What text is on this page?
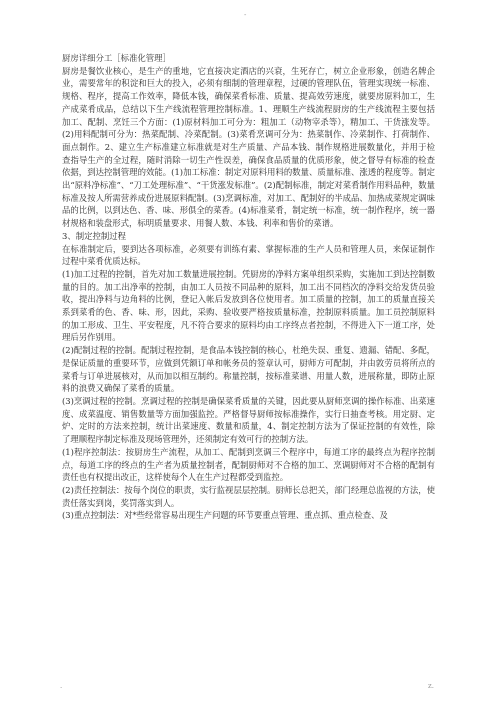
-

厨房详细分工［标准化管理］

厨房是餐饮业核心，是生产的重地，它直接决定酒店的兴衰，生死存亡，树立企业形象，创造名牌企业，需要常年的积淀和巨大的投入，必须有细制的管理章程，过硬的管理队伍，管理实现统一标准、规格、程序，提高工作效率，降低本钱，确保菜肴标准、质量、提高效劳速度，就要房原料加工，生产成菜肴成品，总结以下生产线流程管理控制标准。1、理顺生产线流程厨房的生产线流程主要包括加工、配制、烹饪三个方面：(1)原材料加工可分为：粗加工（动物宰杀等），精加工、干货涨发等。(2)用料配制可分为：热菜配制、冷菜配制。(3)菜肴烹调可分为：热菜制作、冷菜制作、打荷制作、面点制作。2、建立生产标准建立标准就是对生产质量、产品本钱、制作规格进展数量化，并用于检查指导生产的全过程，随时消除一切生产性误差，确保食品质量的优质形象，使之督导有标准的检查依据，到达控制管理的效能。(1)加工标准：制定对原料用料的数量、质量标准、涨透的程度等。制定出“原料净标准”、“刀工处理标准”、“干货涨发标准”。(2)配制标准，制定对菜肴制作用料品种，数量标准及按人所需营养成份进展原料配制。(3)烹调标准，对加工、配制好的半成品、加热成菜规定调味品的比例，以到达色、香、味、形俱全的菜香。(4)标准菜肴，制定统一标准，统一制作程序，统一器材规格和装盘形式，标明质量要求、用餐人数、本钱、利率和售价的菜谱。

3、制定控制过程

在标准制定后，要到达各项标准，必须要有训练有素、掌握标准的生产人员和管理人员，来保证制作过程中菜肴优质达标。

(1)加工过程的控制，首先对加工数量进展控制。凭厨房的净料方案单组织采购，实施加工到达控制数量的目的。加工出净率的控制，由加工人员按不同品种的原料，加工出不同档次的净料交给发货员验收，提出净料与边角料的比例，登记入帐后发放到各位使用者。加工质量的控制，加工的质量直接关系到菜肴的色、香、味、形，因此，采购、验收要严格按质量标准，控制原料质量。加工员控制原料的加工形成、卫生、平安程度，凡不符合要求的原料均由工序终点者控制，不得进入下一道工序，处理后另作别用。

(2)配制过程的控制。配制过程控制，是食品本钱控制的核心，杜绝失误、重复、遗漏、错配、多配，是保证质量的重要环节，应做到凭额订单和帐务员的签章认可，厨师方可配制，并由敦劳员将所点的菜肴与订单进展核对，从而加以相互制约。称量控制，按标准菜谱、用量人数，进展称量，即防止原料的浪费又确保了菜肴的质量。

(3)烹调过程的控制。烹调过程的控制是确保菜肴质量的关键，因此要从厨师烹调的操作标准、出菜速度、成菜温度、销售数量等方面加强监控。严格督导厨师按标准操作，实行日抽查考核。用定厨、定炉、定时的方法来控制，统计出菜速度、数量和质量，4、制定控制方法为了保证控制的有效性，除了理顺程序制定标准及现场管理外，还须制定有效可行的控制方法。

(1)程序控制法：按厨房生产流程，从加工、配制到烹调三个程序中，每道工序的最终点为程序控制点，每道工序的终点的生产者为质量控制者，配制厨师对不合格的加工、烹调厨师对不合格的配制有责任也有权提出改正，这样使每个人在生产过程都受到监控。

(2)责任控制法：按每个岗位的职责，实行监视层层控制。厨师长总把关，部门经理总监视的方法，使责任落实到岗，奖罚落实到人。

(3)重点控制法：对*些经常容易出现生产问题的环节要重点管理、重点抓、重点检查、及

.	z.
